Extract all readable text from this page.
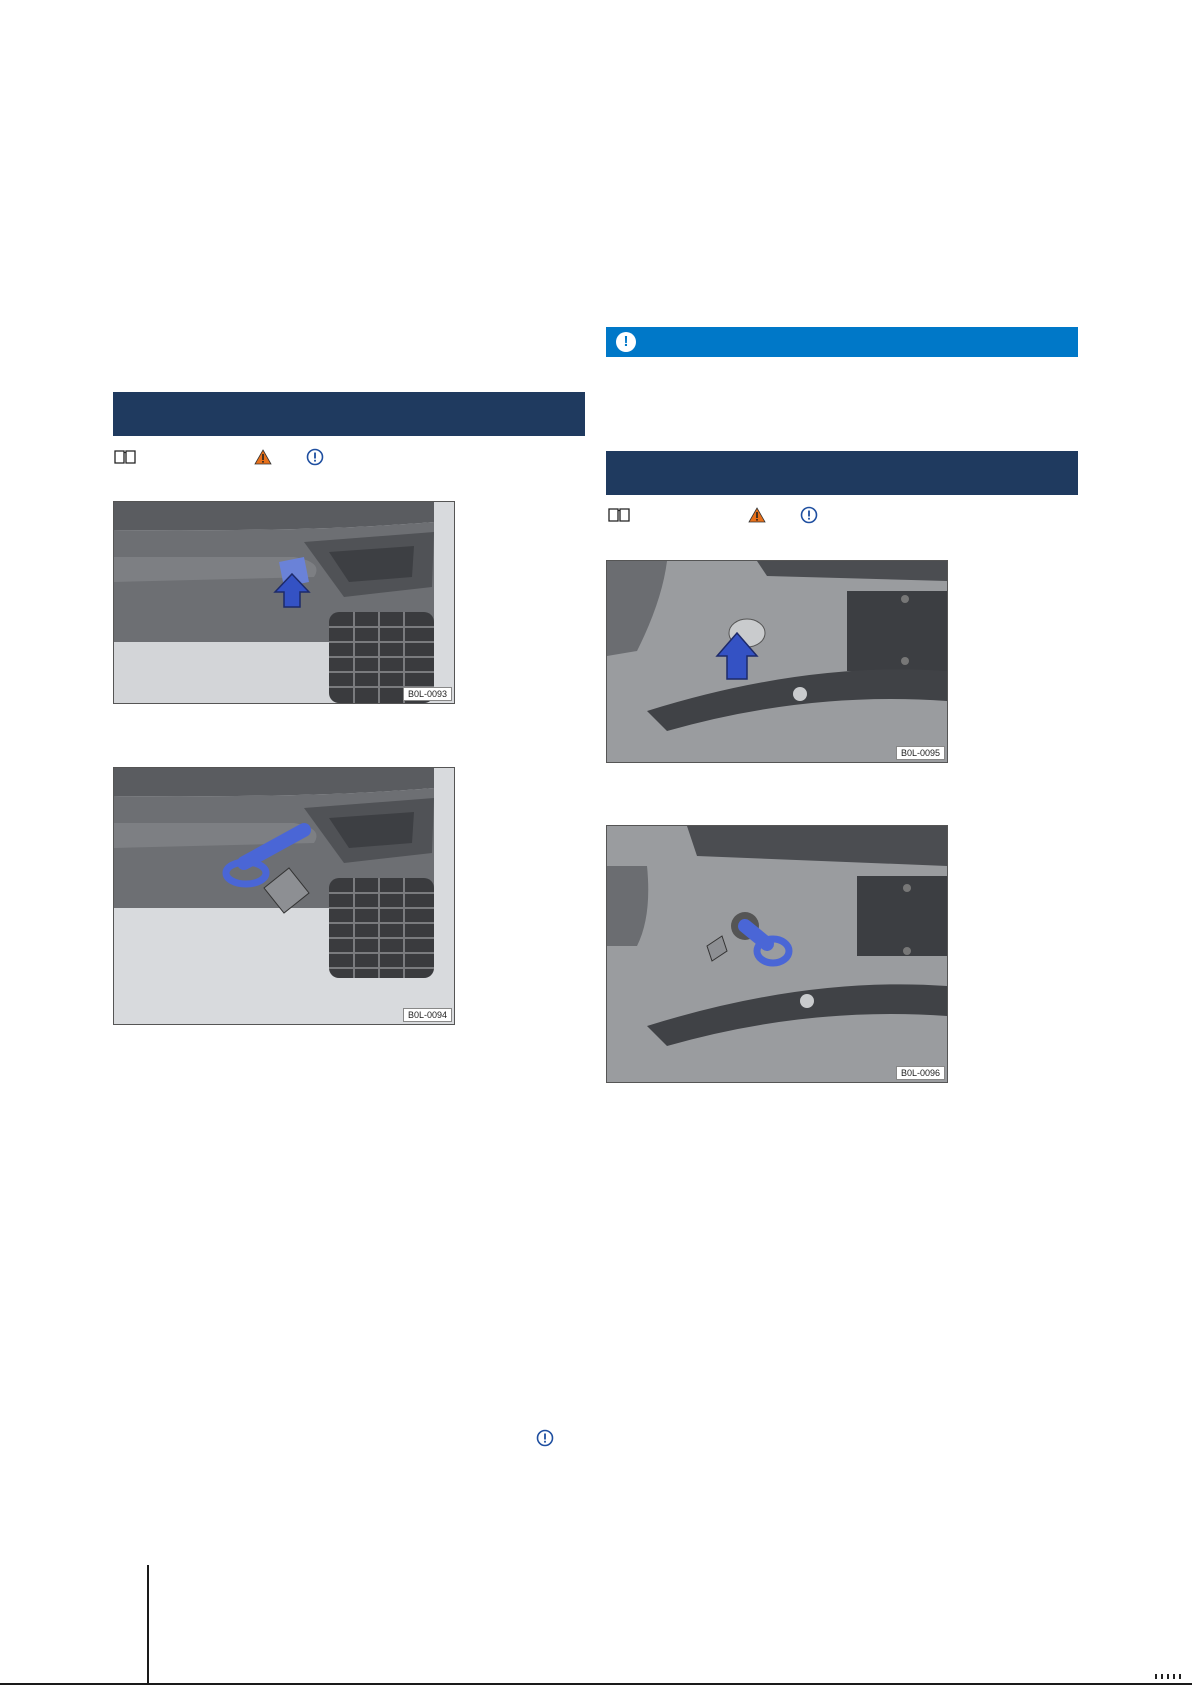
!
B0L-0093
B0L-0094
B0L-0095
B0L-0096
